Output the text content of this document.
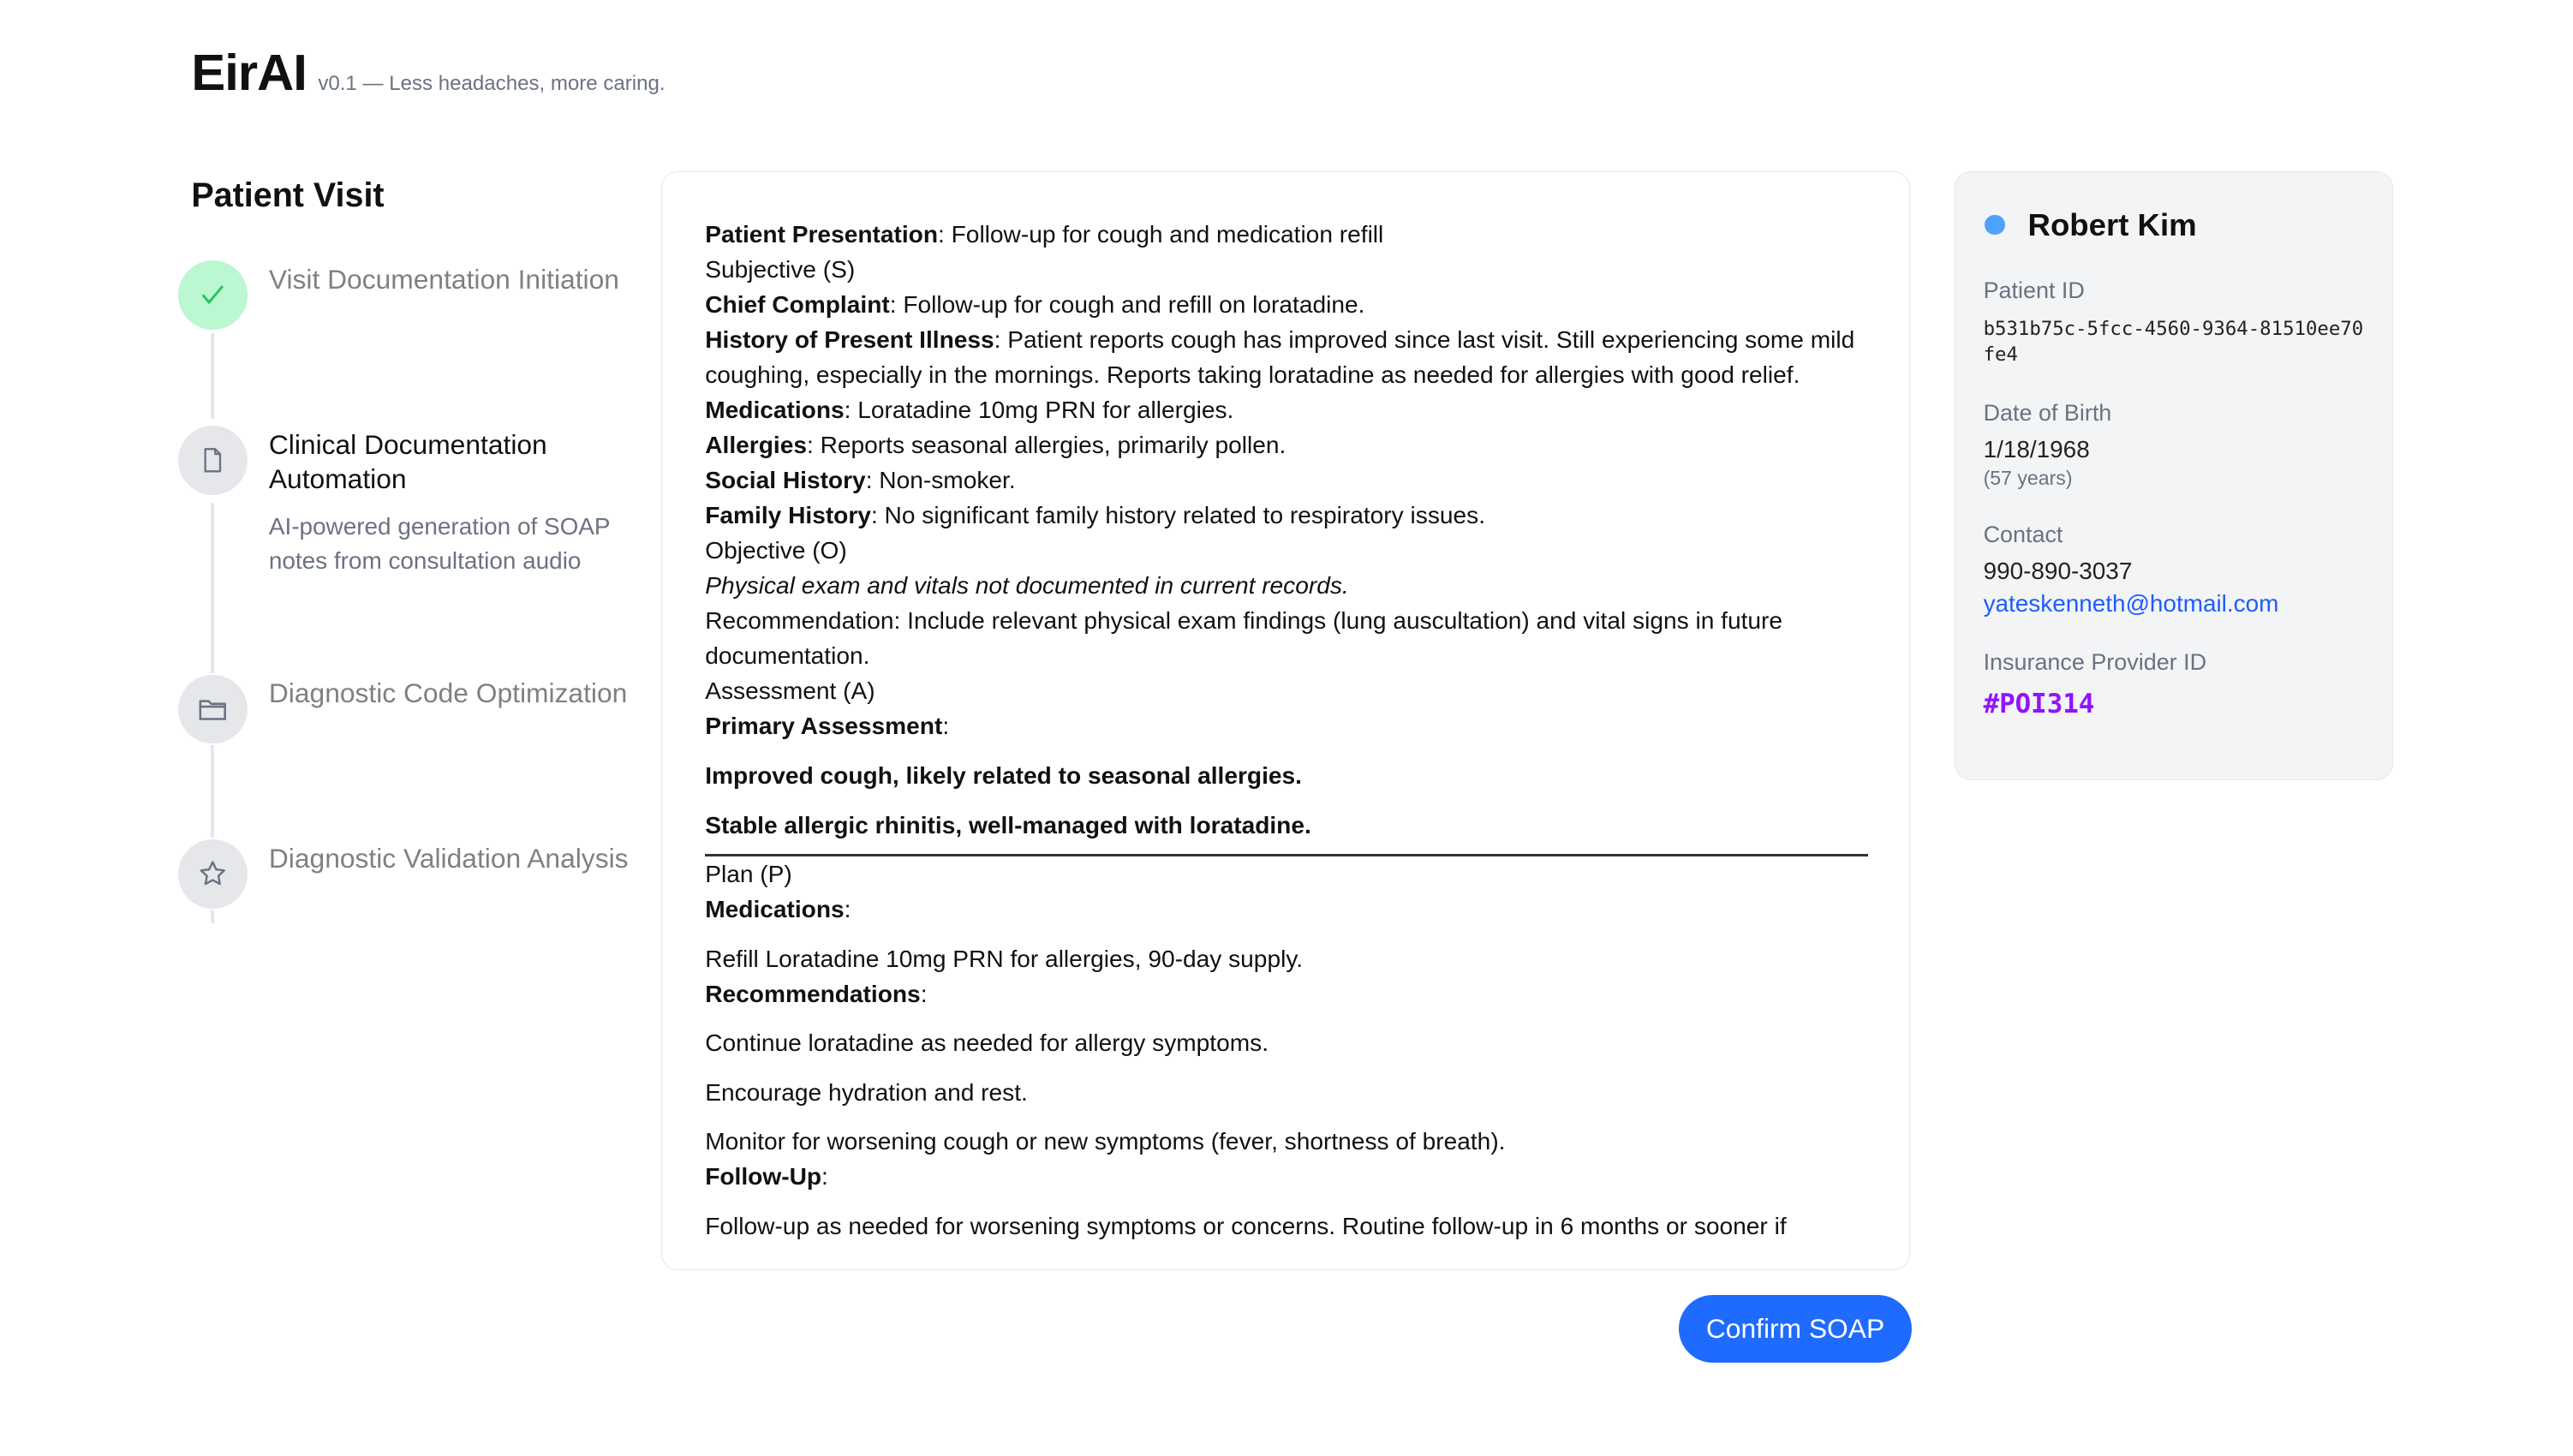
EirAI v0.1 — Less headaches, more caring.
Patient Visit
Visit Documentation Initiation
Clinical Documentation Automation
AI-powered generation of SOAP notes from consultation audio
Diagnostic Code Optimization
Diagnostic Validation Analysis
Patient Presentation: Follow-up for cough and medication refill
Subjective (S)
Chief Complaint: Follow-up for cough and refill on loratadine.
History of Present Illness: Patient reports cough has improved since last visit. Still experiencing some mild coughing, especially in the mornings. Reports taking loratadine as needed for allergies with good relief.
Medications: Loratadine 10mg PRN for allergies.
Allergies: Reports seasonal allergies, primarily pollen.
Social History: Non-smoker.
Family History: No significant family history related to respiratory issues.
Objective (O)
Physical exam and vitals not documented in current records.
Recommendation: Include relevant physical exam findings (lung auscultation) and vital signs in future documentation.
Assessment (A)
Primary Assessment:
Improved cough, likely related to seasonal allergies.
Stable allergic rhinitis, well-managed with loratadine.
Plan (P)
Medications:
Refill Loratadine 10mg PRN for allergies, 90-day supply.
Recommendations:
Continue loratadine as needed for allergy symptoms.
Encourage hydration and rest.
Monitor for worsening cough or new symptoms (fever, shortness of breath).
Follow-Up:
Follow-up as needed for worsening symptoms or concerns. Routine follow-up in 6 months or sooner if
Confirm SOAP
Robert Kim
Patient ID
b531b75c-5fcc-4560-9364-81510ee70fe4
Date of Birth
1/18/1968
(57 years)
Contact
990-890-3037
yateskenneth@hotmail.com
Insurance Provider ID
#POI314
